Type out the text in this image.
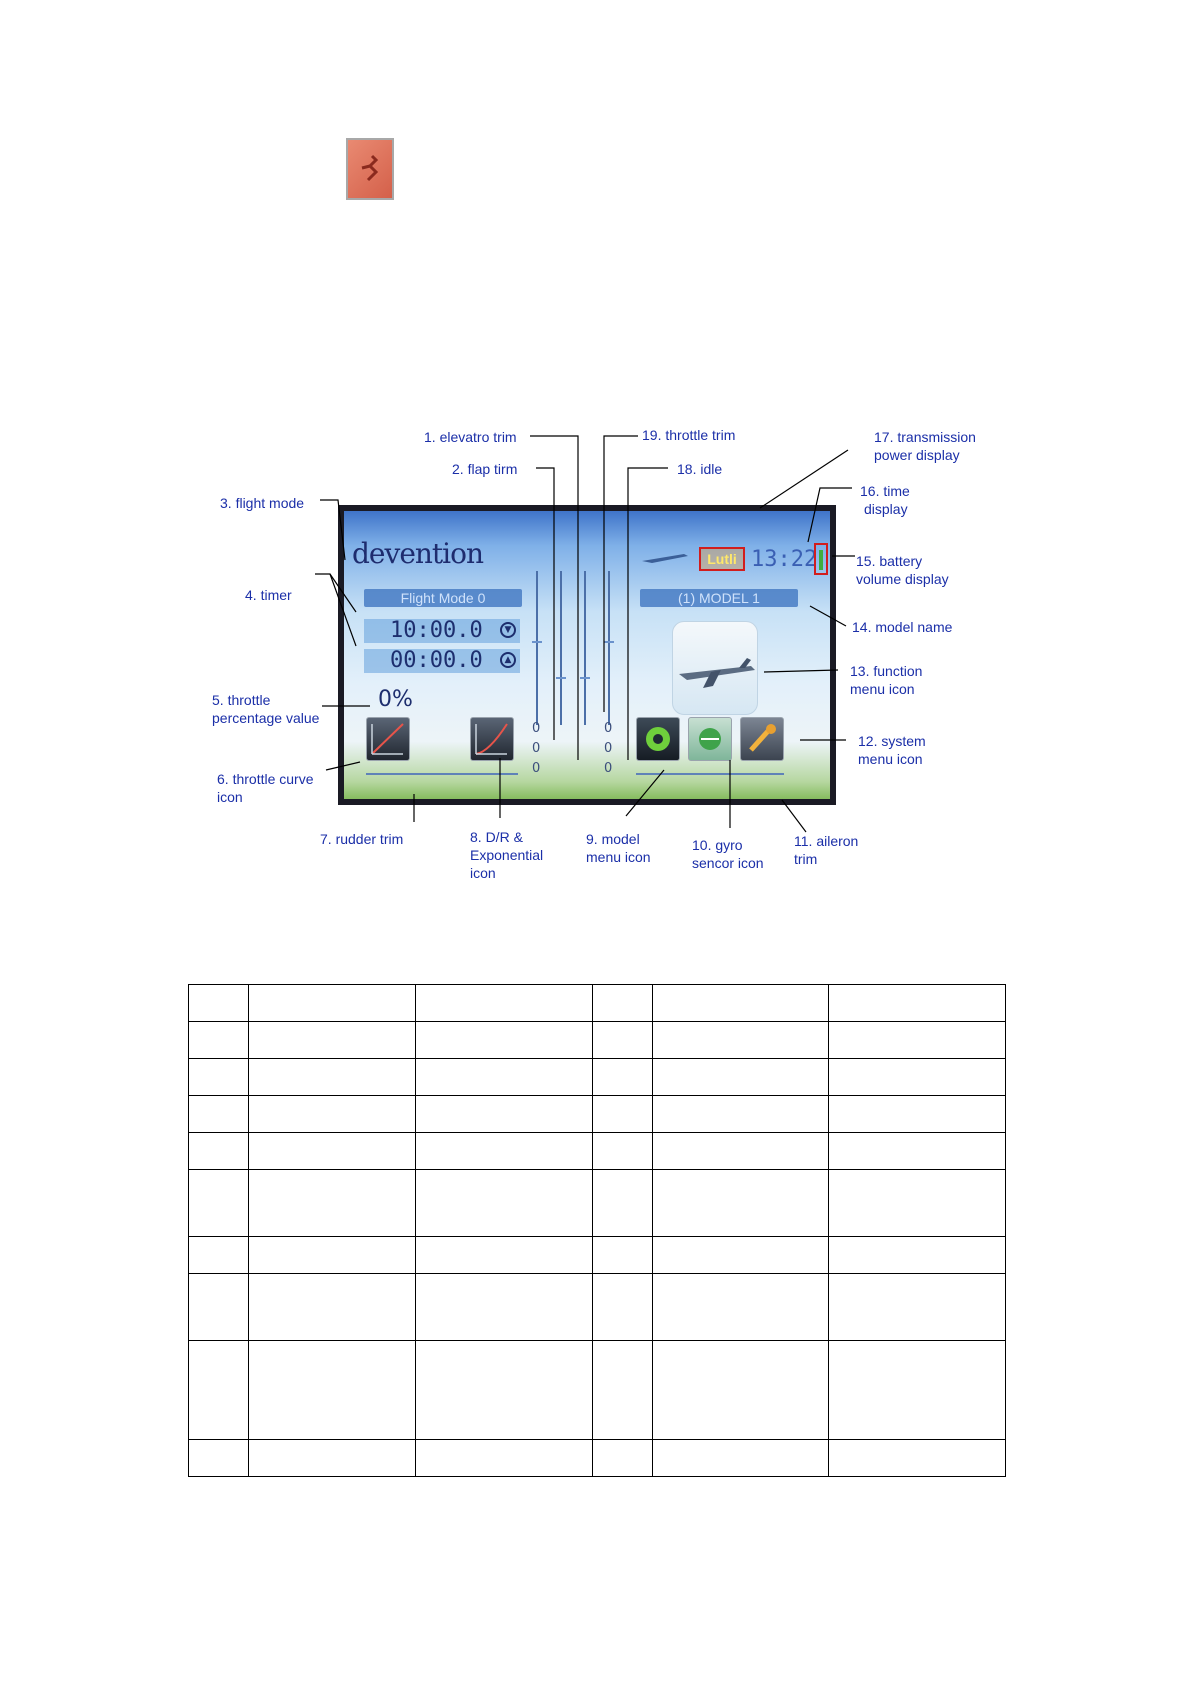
devention	Lutli 13:22
Flight Mode 0	(1) MODEL 1
10:00.0	▼
00:00.0	▲
0%
0
0
0
0
0
0
1. elevatro trim
2. flap tirm
3. flight mode
4. timer
5. throttle
percentage value
6. throttle curve
icon
7. rudder trim	8. D/R &
Exponential
icon
9. model
menu icon
10. gyro
sencor icon
11. aileron
trim
12. system
menu icon
13. function
menu icon
14. model name
15. battery
volume display
16. time
display
17. transmission
power display
18. idle
19. throttle trim
